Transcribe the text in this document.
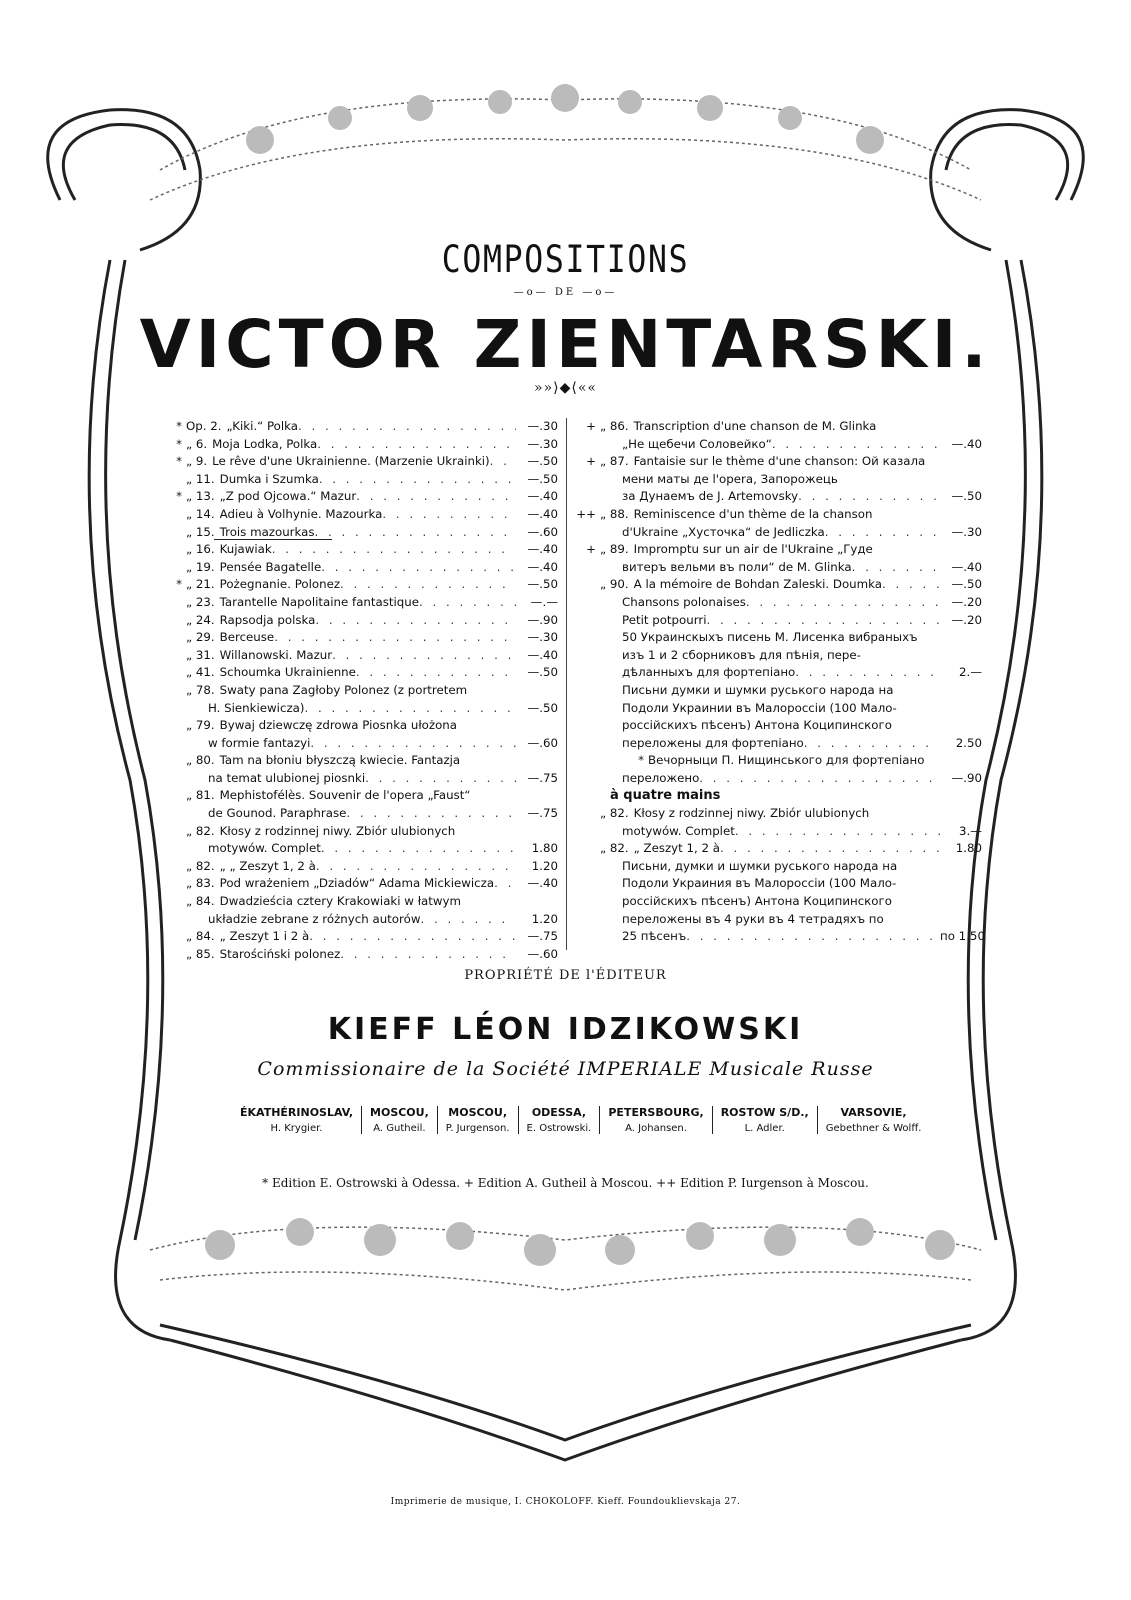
COMPOSITIONS
—o— DE —o—
VICTOR ZIENTARSKI.
»»⟩◆⟨««
* Op. 2. „Kiki.“ Polka . . .	—.30
* „ 6. Moja Lodka, Polka . . .	—.30
* „ 9. Le rêve d'une Ukrainienne. (Marzenie Ukrainki) . . .	—.50
„ 11. Dumka i Szumka . . .	—.50
* „ 13. „Z pod Ojcowa.“ Mazur . . .	—.40
„ 14. Adieu à Volhynie. Mazourka . . .	—.40
„ 15. Trois mazourkas . . .	—.60
„ 16. Kujawiak . . .	—.40
„ 19. Pensée Bagatelle . . .	—.40
* „ 21. Pożegnanie. Polonez . . .	—.50
„ 23. Tarantelle Napolitaine fantastique . . .	—.—
„ 24. Rapsodja polska . . .	—.90
„ 29. Berceuse . . .	—.30
„ 31. Willanowski. Mazur . . .	—.40
„ 41. Schoumka Ukrainienne . . .	—.50
„ 78. Swaty pana Zagłoby Polonez (z portretem
H. Sienkiewicza) . . .	—.50
„ 79. Bywaj dziewczę zdrowa Piosnka ułożona
w formie fantazyi . . .	—.60
„ 80. Tam na błoniu błyszczą kwiecie. Fantazja
na temat ulubionej piosnki . . .	—.75
„ 81. Mephistofélès. Souvenir de l'opera „Faust“
de Gounod. Paraphrase . . .	—.75
„ 82. Kłosy z rodzinnej niwy. Zbiór ulubionych
motywów. Complet . . .	1.80
„ 82. „ „ Zeszyt 1, 2 à . . .	1.20
„ 83. Pod wrażeniem „Dziadów“ Adama Mickiewicza . . .	—.40
„ 84. Dwadzieścia cztery Krakowiaki w łatwym
układzie zebrane z różnych autorów . . .	1.20
„ 84. „ Zeszyt 1 i 2 à . . .	—.75
„ 85. Starościński polonez . . .	—.60
+ „ 86. Transcription d'une chanson de M. Glinka
„Не щебечи Соловейко“ . . .	—.40
+ „ 87. Fantaisie sur le thème d'une chanson: Ой казала
мени маты де l'opera, Запорожець
за Дунаемъ de J. Artemovsky . . .	—.50
++ „ 88. Reminiscence d'un thème de la chanson
d'Ukraine „Хусточка“ de Jedliczka . . .	—.30
+ „ 89. Impromptu sur un air de l'Ukraine „Гуде
витеръ вельми въ поли“ de M. Glinka . . .	—.40
„ 90. A la mémoire de Bohdan Zaleski. Doumka . . .	—.50
Chansons polonaises . . .	—.20
Petit potpourri . . .	—.20
50 Украинскыхъ писень М. Лисенка вибраныхъ
изъ 1 и 2 сборниковъ для пѣнія, пере-
дѣланныхъ для фортепіано . . .	2.—
Письни думки и шумки руського народа на
Подоли Украинии въ Малороссіи (100 Мало-
россійскихъ пѣсенъ) Антона Коципинского
переложены для фортепіано . . .	2.50
* Вечорныци П. Нищинського для фортепіано
переложено . . .	—.90
à quatre mains
„ 82. Kłosy z rodzinnej niwy. Zbiór ulubionych
motywów. Complet . . .	3.—
„ 82. „ Zeszyt 1, 2 à . . .	1.80
Письни, думки и шумки руського народа на
Подоли Украиния въ Малороссіи (100 Мало-
россійскихъ пѣсенъ) Антона Коципинского
переложены въ 4 руки въ 4 тетрадяхъ по
25 пѣсенъ . . .	по 1.50
PROPRIÉTÉ DE l'ÉDITEUR
KIEFF LÉON IDZIKOWSKI
Commissionaire de la Société IMPERIALE Musicale Russe
ÉKATHÉRINOSLAV,
H. Krygier.
MOSCOU,
A. Gutheil.
MOSCOU,
P. Jurgenson.
ODESSA,
E. Ostrowski.
PETERSBOURG,
A. Johansen.
ROSTOW S/D.,
L. Adler.
VARSOVIE,
Gebethner & Wolff.
* Edition E. Ostrowski à Odessa. + Edition A. Gutheil à Moscou. ++ Edition P. Iurgenson à Moscou.
Imprimerie de musique, I. CHOKOLOFF. Kieff. Foundouklievskaja 27.
